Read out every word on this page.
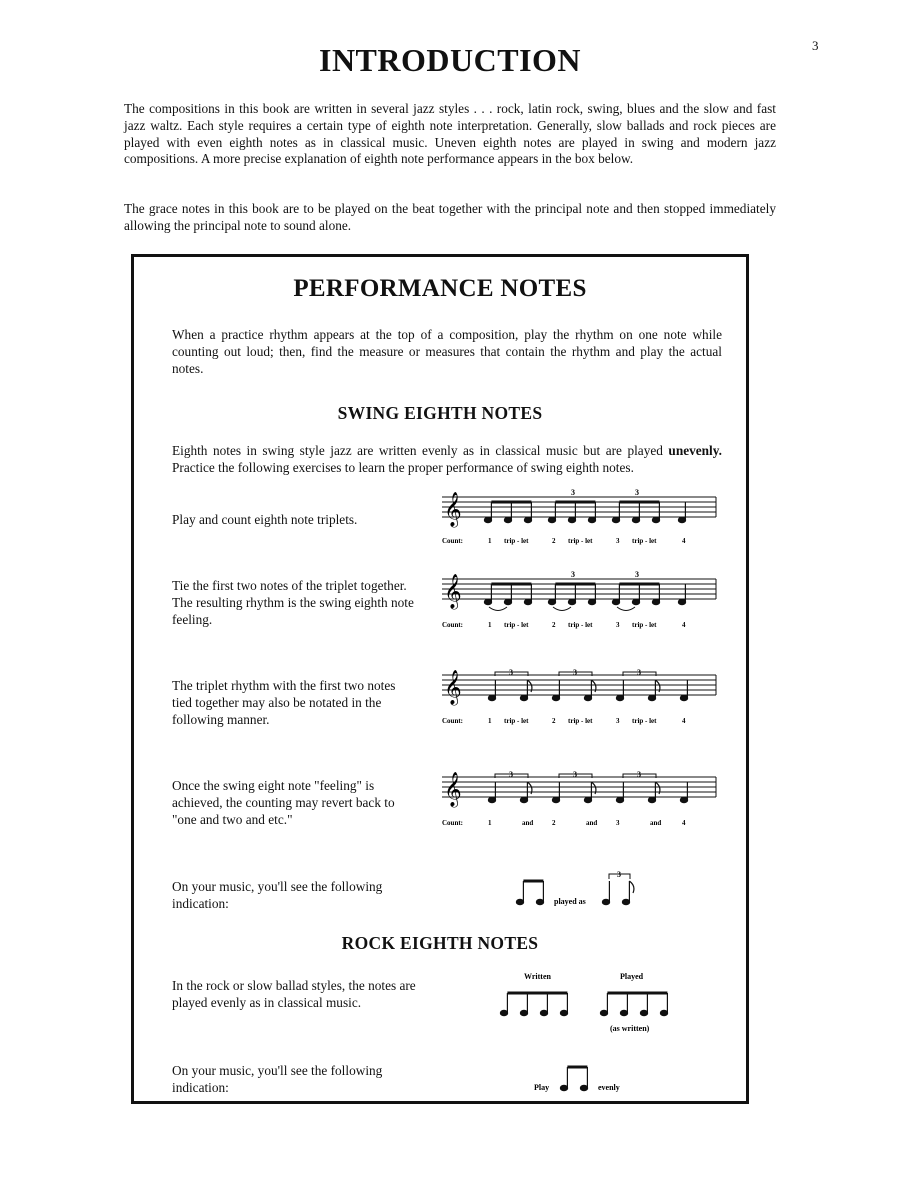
3
INTRODUCTION

The compositions in this book are written in several jazz styles . . . rock, latin rock, swing, blues and the slow and fast jazz waltz. Each style requires a certain type of eighth note interpretation. Generally, slow ballads and rock pieces are played with even eighth notes as in classical music. Uneven eighth notes are played in swing and modern jazz compositions. A more precise explanation of eighth note performance appears in the box below.

The grace notes in this book are to be played on the beat together with the principal note and then stopped immediately allowing the principal note to sound alone.

PERFORMANCE NOTES

When a practice rhythm appears at the top of a composition, play the rhythm on one note while counting out loud; then, find the measure or measures that contain the rhythm and play the actual notes.

SWING EIGHTH NOTES

Eighth notes in swing style jazz are written evenly as in classical music but are played unevenly. Practice the following exercises to learn the proper performance of swing eighth notes.

Play and count eighth note triplets.	𝄞
3	3
Count:	1 trip - let	2 trip - let	3 trip - let	4

Tie the first two notes of the triplet together. The resulting rhythm is the swing eighth note feeling.

𝄞
3	3
Count:	1 trip - let	2 trip - let	3 trip - let	4

The triplet rhythm with the first two notes tied together may also be notated in the following manner.

𝄞	3	3	3
Count:	1 trip - let	2 trip - let	3 trip - let	4

Once the swing eight note "feeling" is achieved, the counting may revert back to "one and two and etc."

𝄞	3	3	3
Count:	1	and	2	and	3	and	4

On your music, you'll see the following indication:	played as
3
ROCK EIGHTH NOTES

In the rock or slow ballad styles, the notes are played evenly as in classical music.

Written	Played
(as written)

On your music, you'll see the following indication:	Play	evenly
